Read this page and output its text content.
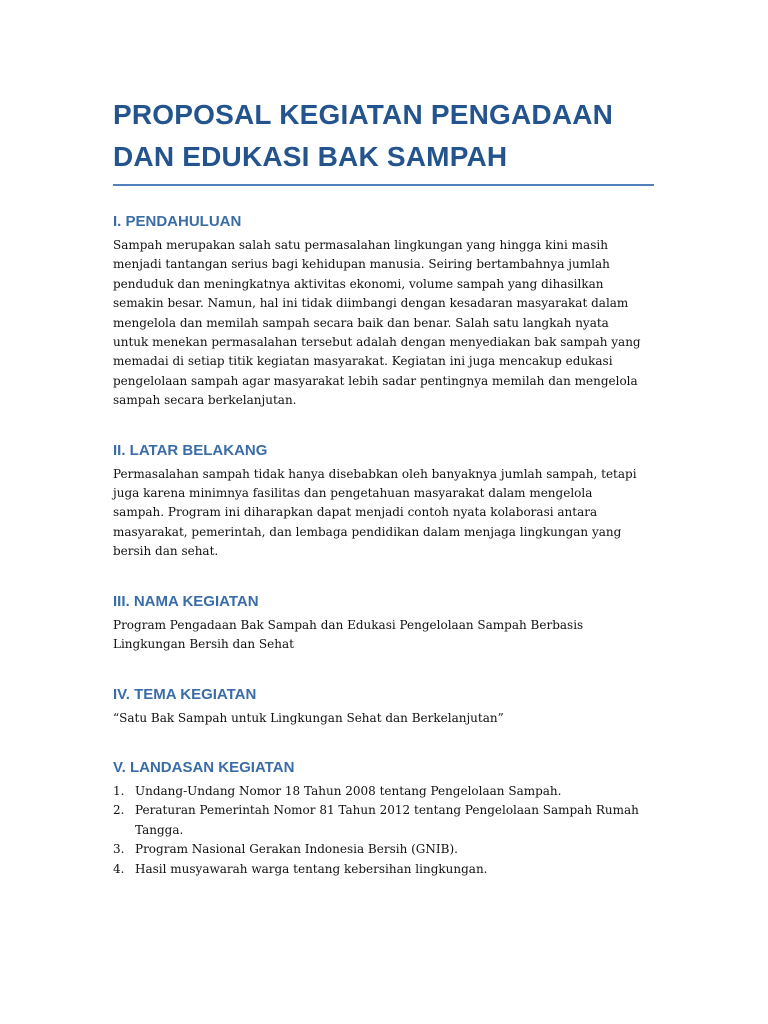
PROPOSAL KEGIATAN PENGADAAN DAN EDUKASI BAK SAMPAH
I. PENDAHULUAN

Sampah merupakan salah satu permasalahan lingkungan yang hingga kini masih menjadi tantangan serius bagi kehidupan manusia. Seiring bertambahnya jumlah penduduk dan meningkatnya aktivitas ekonomi, volume sampah yang dihasilkan semakin besar. Namun, hal ini tidak diimbangi dengan kesadaran masyarakat dalam mengelola dan memilah sampah secara baik dan benar. Salah satu langkah nyata untuk menekan permasalahan tersebut adalah dengan menyediakan bak sampah yang memadai di setiap titik kegiatan masyarakat. Kegiatan ini juga mencakup edukasi pengelolaan sampah agar masyarakat lebih sadar pentingnya memilah dan mengelola sampah secara berkelanjutan.

II. LATAR BELAKANG

Permasalahan sampah tidak hanya disebabkan oleh banyaknya jumlah sampah, tetapi juga karena minimnya fasilitas dan pengetahuan masyarakat dalam mengelola sampah. Program ini diharapkan dapat menjadi contoh nyata kolaborasi antara masyarakat, pemerintah, dan lembaga pendidikan dalam menjaga lingkungan yang bersih dan sehat.

III. NAMA KEGIATAN

Program Pengadaan Bak Sampah dan Edukasi Pengelolaan Sampah Berbasis Lingkungan Bersih dan Sehat

IV. TEMA KEGIATAN

“Satu Bak Sampah untuk Lingkungan Sehat dan Berkelanjutan”

V. LANDASAN KEGIATAN
1. Undang-Undang Nomor 18 Tahun 2008 tentang Pengelolaan Sampah.
2. Peraturan Pemerintah Nomor 81 Tahun 2012 tentang Pengelolaan Sampah Rumah Tangga.
3. Program Nasional Gerakan Indonesia Bersih (GNIB).
4. Hasil musyawarah warga tentang kebersihan lingkungan.
